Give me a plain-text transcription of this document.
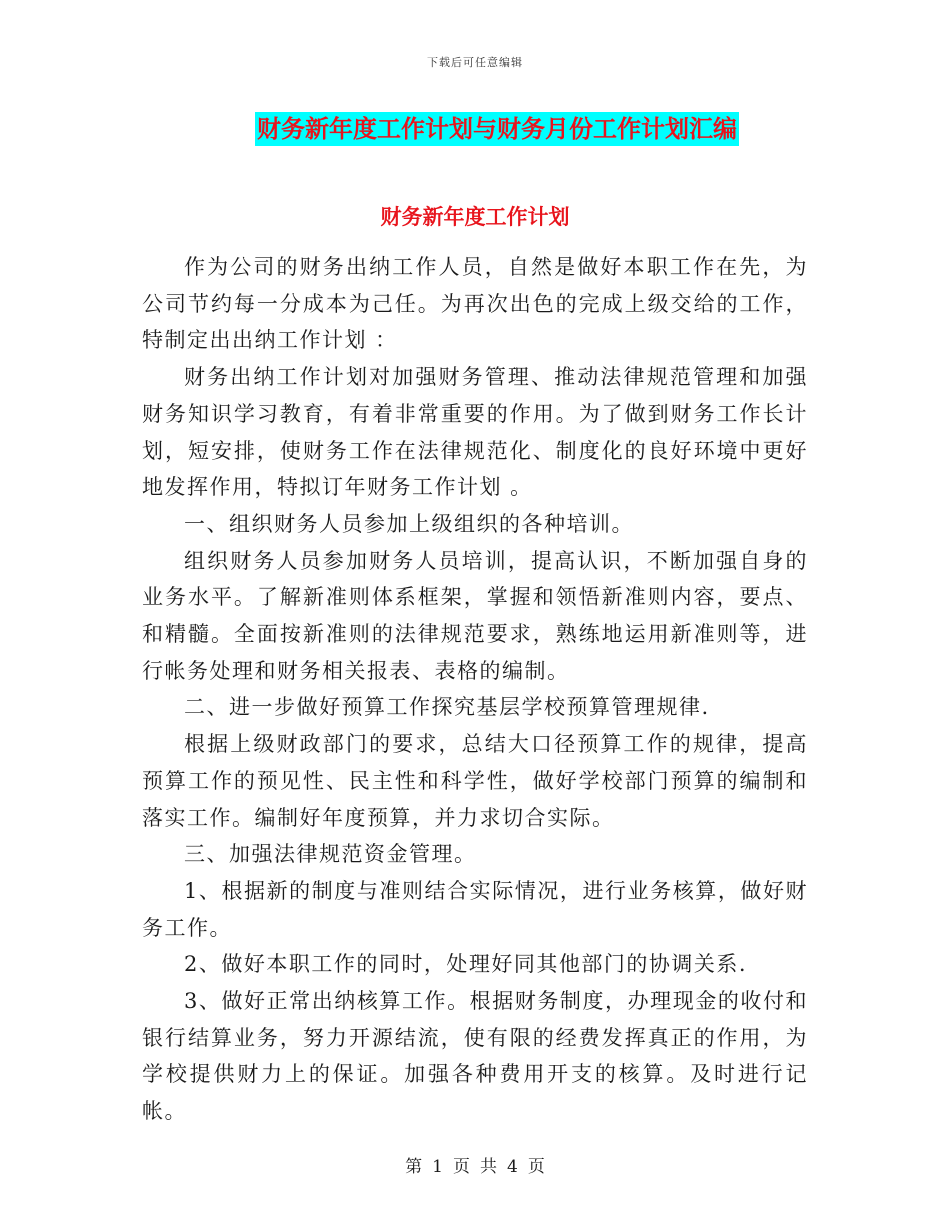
下载后可任意编辑
财务新年度工作计划与财务月份工作计划汇编
财务新年度工作计划

作为公司的财务出纳工作人员，自然是做好本职工作在先，为公司节约每一分成本为己任。为再次出色的完成上级交给的工作，特制定出出纳工作计划 ：

财务出纳工作计划对加强财务管理、推动法律规范管理和加强财务知识学习教育，有着非常重要的作用。为了做到财务工作长计划，短安排，使财务工作在法律规范化、制度化的良好环境中更好地发挥作用，特拟订年财务工作计划 。

一、组织财务人员参加上级组织的各种培训。

组织财务人员参加财务人员培训，提高认识，不断加强自身的业务水平。了解新准则体系框架，掌握和领悟新准则内容，要点、和精髓。全面按新准则的法律规范要求，熟练地运用新准则等，进行帐务处理和财务相关报表、表格的编制。

二、进一步做好预算工作探究基层学校预算管理规律.

根据上级财政部门的要求，总结大口径预算工作的规律，提高预算工作的预见性、民主性和科学性，做好学校部门预算的编制和落实工作。编制好年度预算，并力求切合实际。

三、加强法律规范资金管理。

1、根据新的制度与准则结合实际情况，进行业务核算，做好财务工作。

2、做好本职工作的同时，处理好同其他部门的协调关系.

3、做好正常出纳核算工作。根据财务制度，办理现金的收付和银行结算业务，努力开源结流，使有限的经费发挥真正的作用，为学校提供财力上的保证。加强各种费用开支的核算。及时进行记帐。

第 1 页 共 4 页
